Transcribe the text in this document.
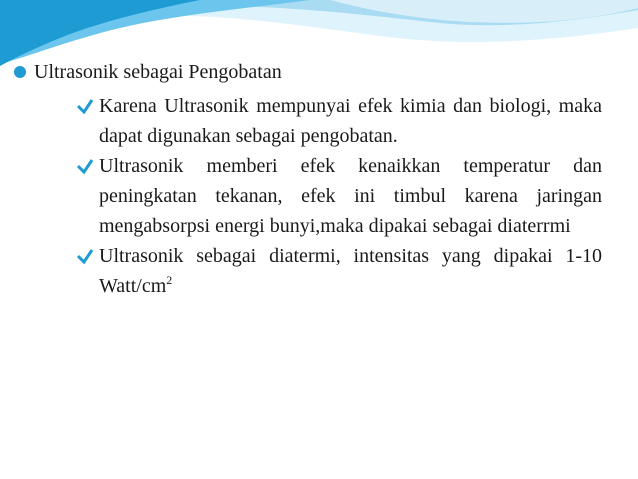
Ultrasonik sebagai Pengobatan
Karena Ultrasonik mempunyai efek kimia dan biologi, maka dapat digunakan sebagai pengobatan.
Ultrasonik memberi efek kenaikkan temperatur dan peningkatan tekanan, efek ini timbul karena jaringan mengabsorpsi energi bunyi,maka dipakai sebagai diaterrmi
Ultrasonik sebagai diatermi, intensitas yang dipakai 1-10 Watt/$cm^2$
